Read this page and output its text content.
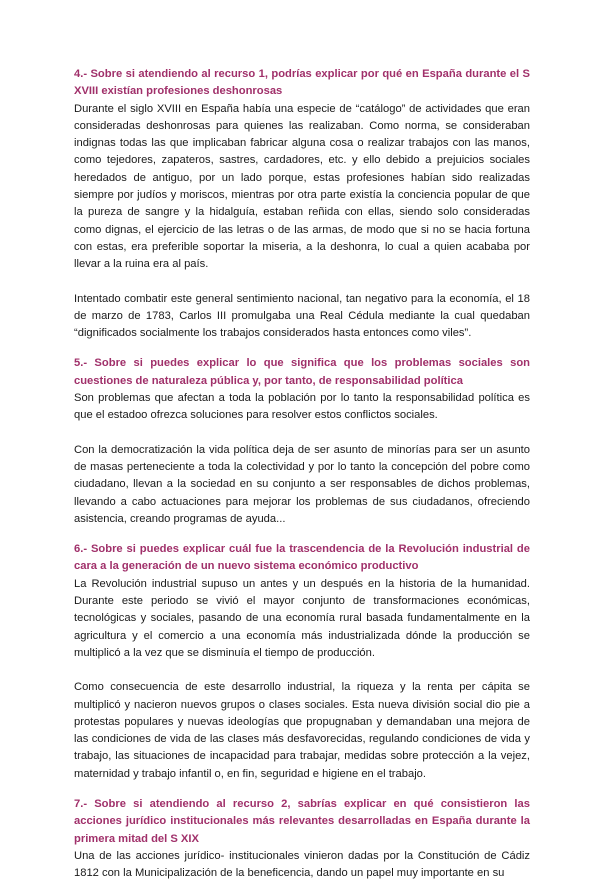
4.- Sobre si atendiendo al recurso 1, podrías explicar por qué en España durante el S XVIII existían profesiones deshonrosas

Durante el siglo XVIII en España había una especie de “catálogo” de actividades que eran consideradas deshonrosas para quienes las realizaban. Como norma, se consideraban indignas todas las que implicaban fabricar alguna cosa o realizar trabajos con las manos, como tejedores, zapateros, sastres, cardadores, etc. y ello debido a prejuicios sociales heredados de antiguo, por un lado porque, estas profesiones habían sido realizadas siempre por judíos y moriscos, mientras por otra parte existía la conciencia popular de que la pureza de sangre y la hidalguía, estaban reñida con ellas, siendo solo consideradas como dignas, el ejercicio de las letras o de las armas, de modo que si no se hacia fortuna con estas, era preferible soportar la miseria, a la deshonra, lo cual a quien acababa por llevar a la ruina era al país.

Intentado combatir este general sentimiento nacional, tan negativo para la economía, el 18 de marzo de 1783, Carlos III promulgaba una Real Cédula mediante la cual quedaban “dignificados socialmente los trabajos considerados hasta entonces como viles”.

5.- Sobre si puedes explicar lo que significa que los problemas sociales son cuestiones de naturaleza pública y, por tanto, de responsabilidad política

Son problemas que afectan a toda la población por lo tanto la responsabilidad política es que el estadoo ofrezca soluciones para resolver estos conflictos sociales.

Con la democratización la vida política deja de ser asunto de minorías para ser un asunto de masas perteneciente a toda la colectividad y por lo tanto la concepción del pobre como ciudadano, llevan a la sociedad en su conjunto a ser responsables de dichos problemas, llevando a cabo actuaciones para mejorar los problemas de sus ciudadanos, ofreciendo asistencia, creando programas de ayuda...

6.- Sobre si puedes explicar cuál fue la trascendencia de la Revolución industrial de cara a la generación de un nuevo sistema económico productivo

La Revolución industrial supuso un antes y un después en la historia de la humanidad. Durante este periodo se vivió el mayor conjunto de transformaciones económicas, tecnológicas y sociales, pasando de una economía rural basada fundamentalmente en la agricultura y el comercio a una economía más industrializada dónde la producción se multiplicó a la vez que se disminuía el tiempo de producción.

Como consecuencia de este desarrollo industrial, la riqueza y la renta per cápita se multiplicó y nacieron nuevos grupos o clases sociales. Esta nueva división social dio pie a protestas populares y nuevas ideologías que propugnaban y demandaban una mejora de las condiciones de vida de las clases más desfavorecidas, regulando condiciones de vida y trabajo, las situaciones de incapacidad para trabajar, medidas sobre protección a la vejez, maternidad y trabajo infantil o, en fin, seguridad e higiene en el trabajo.

7.- Sobre si atendiendo al recurso 2, sabrías explicar en qué consistieron las acciones jurídico institucionales más relevantes desarrolladas en España durante la primera mitad del S XIX

Una de las acciones jurídico- institucionales vinieron dadas por la Constitución de Cádiz 1812 con la Municipalización de la beneficencia, dando un papel muy importante en su
